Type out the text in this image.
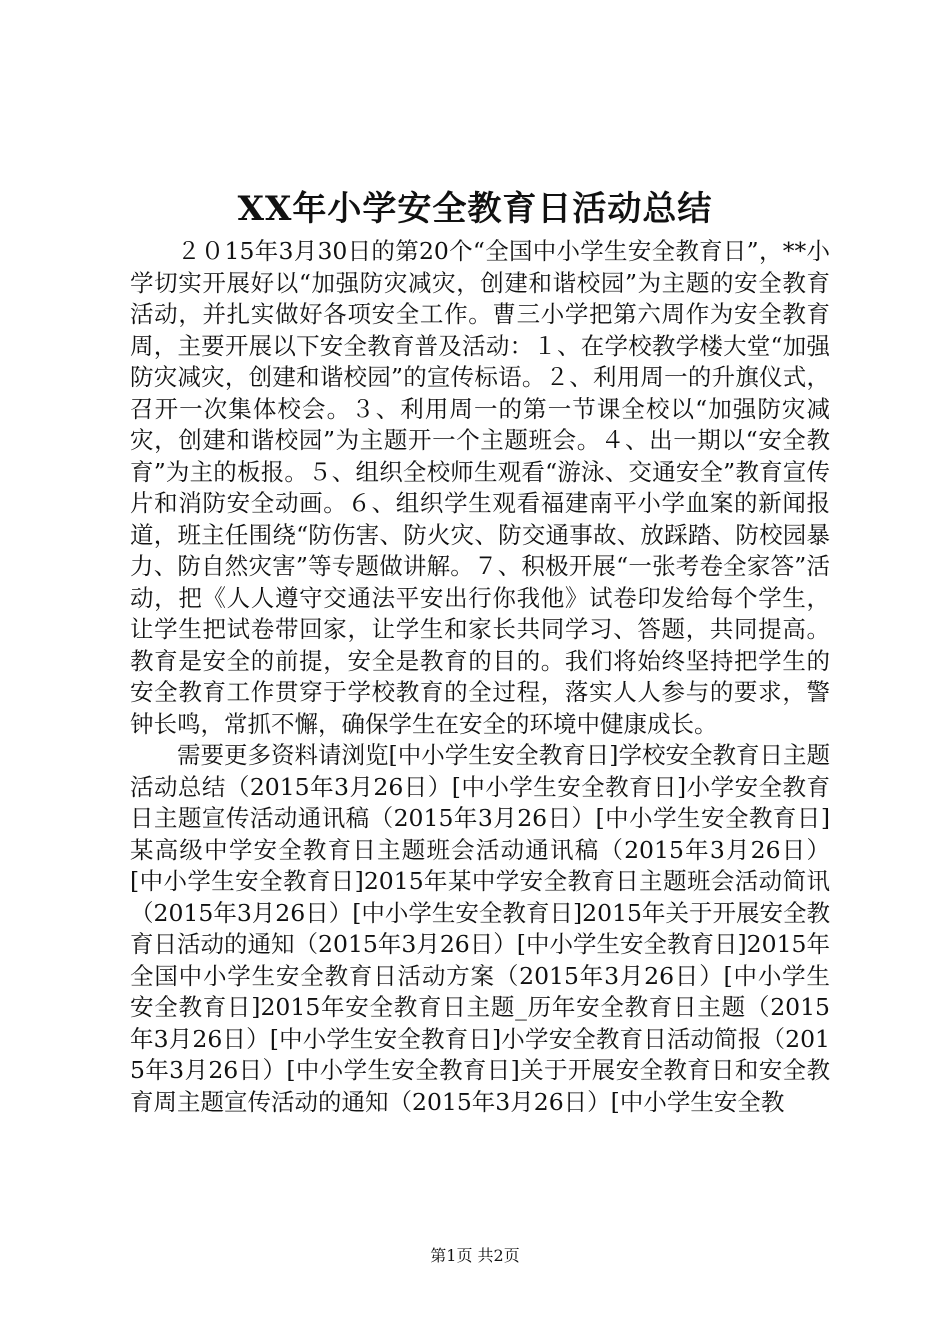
XX年小学安全教育日活动总结

２０15年3月30日的第20个“全国中小学生安全教育日”，**小学切实开展好以“加强防灾减灾，创建和谐校园”为主题的安全教育活动，并扎实做好各项安全工作。曹三小学把第六周作为安全教育周，主要开展以下安全教育普及活动：１、在学校教学楼大堂“加强防灾减灾，创建和谐校园”的宣传标语。２、利用周一的升旗仪式，召开一次集体校会。３、利用周一的第一节课全校以“加强防灾减灾，创建和谐校园”为主题开一个主题班会。４、出一期以“安全教育”为主的板报。５、组织全校师生观看“游泳、交通安全”教育宣传片和消防安全动画。６、组织学生观看福建南平小学血案的新闻报道，班主任围绕“防伤害、防火灾、防交通事故、放踩踏、防校园暴力、防自然灾害”等专题做讲解。７、积极开展“一张考卷全家答”活动，把《人人遵守交通法平安出行你我他》试卷印发给每个学生，让学生把试卷带回家，让学生和家长共同学习、答题，共同提高。教育是安全的前提，安全是教育的目的。我们将始终坚持把学生的安全教育工作贯穿于学校教育的全过程，落实人人参与的要求，警钟长鸣，常抓不懈，确保学生在安全的环境中健康成长。

需要更多资料请浏览[中小学生安全教育日]学校安全教育日主题活动总结（2015年3月26日）[中小学生安全教育日]小学安全教育日主题宣传活动通讯稿（2015年3月26日）[中小学生安全教育日]某高级中学安全教育日主题班会活动通讯稿（2015年3月26日）[中小学生安全教育日]2015年某中学安全教育日主题班会活动简讯（2015年3月26日）[中小学生安全教育日]2015年关于开展安全教育日活动的通知（2015年3月26日）[中小学生安全教育日]2015年全国中小学生安全教育日活动方案（2015年3月26日）[中小学生安全教育日]2015年安全教育日主题_历年安全教育日主题（2015年3月26日）[中小学生安全教育日]小学安全教育日活动简报（2015年3月26日）[中小学生安全教育日]关于开展安全教育日和安全教育周主题宣传活动的通知（2015年3月26日）[中小学生安全教

第1页 共2页
